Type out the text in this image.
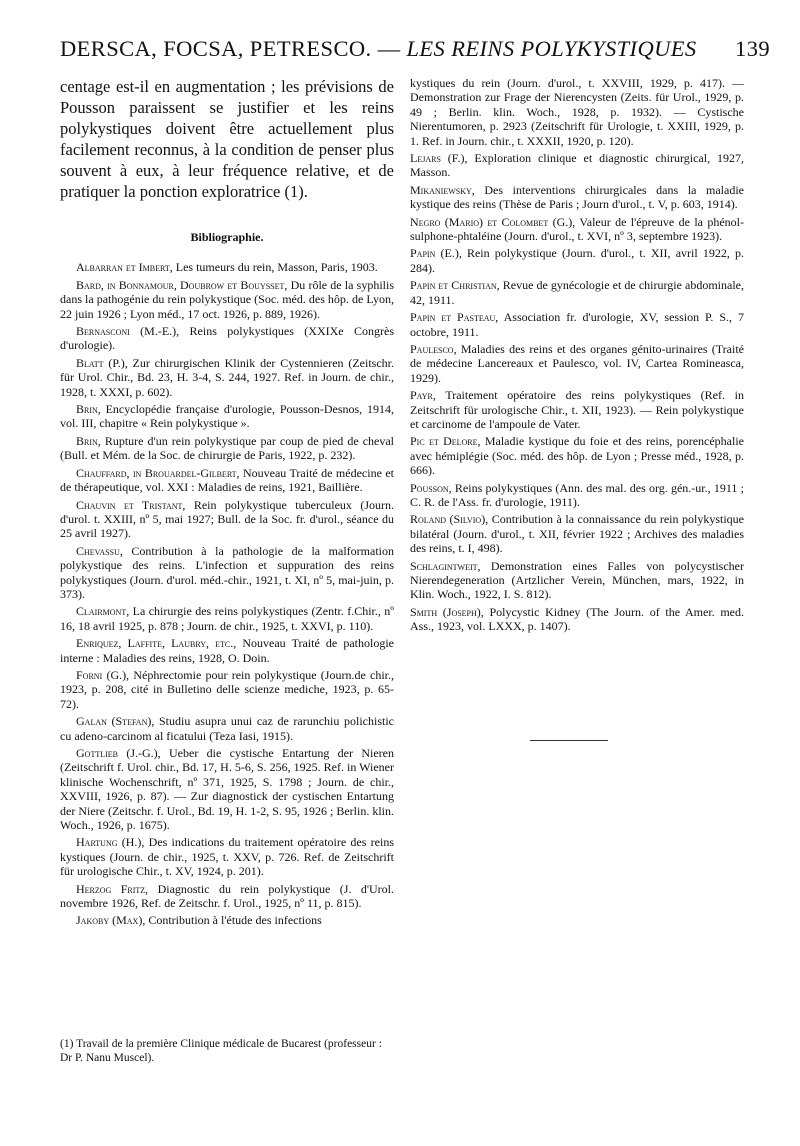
DERSCA, FOCSA, PETRESCO. — LES REINS POLYKYSTIQUES 139

centage est-il en augmentation ; les prévisions de Pousson paraissent se justifier et les reins polykystiques doivent être actuellement plus facilement reconnus, à la condition de penser plus souvent à eux, à leur fréquence relative, et de pratiquer la ponction exploratrice (1).

Bibliographie.

Albarran et Imbert, Les tumeurs du rein, Masson, Paris, 1903.

Bard, in Bonnamour, Doubrow et Bouysset, Du rôle de la syphilis dans la pathogénie du rein polykystique (Soc. méd. des hôp. de Lyon, 22 juin 1926 ; Lyon méd., 17 oct. 1926, p. 889, 1926).

Bernasconi (M.-E.), Reins polykystiques (XXIXe Congrès d'urologie).

Blatt (P.), Zur chirurgischen Klinik der Cystennieren (Zeitschr. für Urol. Chir., Bd. 23, H. 3-4, S. 244, 1927. Ref. in Journ. de chir., 1928, t. XXXI, p. 602).

Brin, Encyclopédie française d'urologie, Pousson-Desnos, 1914, vol. III, chapitre « Rein polykystique ».

Brin, Rupture d'un rein polykystique par coup de pied de cheval (Bull. et Mém. de la Soc. de chirurgie de Paris, 1922, p. 232).

Chauffard, in Brouardel-Gilbert, Nouveau Traité de médecine et de thérapeutique, vol. XXI : Maladies de reins, 1921, Baillière.

Chauvin et Tristant, Rein polykystique tuberculeux (Journ. d'urol. t. XXIII, nº 5, mai 1927; Bull. de la Soc. fr. d'urol., séance du 25 avril 1927).

Chevassu, Contribution à la pathologie de la malformation polykystique des reins. L'infection et suppuration des reins polykystiques (Journ. d'urol. méd.-chir., 1921, t. XI, nº 5, mai-juin, p. 373).

Clairmont, La chirurgie des reins polykystiques (Zentr. f.Chir., nº 16, 18 avril 1925, p. 878 ; Journ. de chir., 1925, t. XXVI, p. 110).

Enriquez, Laffite, Laubry, etc., Nouveau Traité de pathologie interne : Maladies des reins, 1928, O. Doin.

Forni (G.), Néphrectomie pour rein polykystique (Journ.de chir., 1923, p. 208, cité in Bulletino delle scienze mediche, 1923, p. 65-72).

Galan (Stefan), Studiu asupra unui caz de rarunchiu polichistic cu adeno-carcinom al ficatului (Teza Iasi, 1915).

Gottlieb (J.-G.), Ueber die cystische Entartung der Nieren (Zeitschrift f. Urol. chir., Bd. 17, H. 5-6, S. 256, 1925. Ref. in Wiener klinische Wochenschrift, nº 371, 1925, S. 1798 ; Journ. de chir., XXVIII, 1926, p. 87). — Zur diagnostick der cystischen Entartung der Niere (Zeitschr. f. Urol., Bd. 19, H. 1-2, S. 95, 1926 ; Berlin. klin. Woch., 1926, p. 1675).

Hartung (H.), Des indications du traitement opératoire des reins kystiques (Journ. de chir., 1925, t. XXV, p. 726. Ref. de Zeitschrift für urologische Chir., t. XV, 1924, p. 201).

Herzog Fritz, Diagnostic du rein polykystique (J. d'Urol. novembre 1926, Ref. de Zeitschr. f. Urol., 1925, nº 11, p. 815).

Jakoby (Max), Contribution à l'étude des infections

kystiques du rein (Journ. d'urol., t. XXVIII, 1929, p. 417). — Demonstration zur Frage der Nierencysten (Zeits. für Urol., 1929, p. 49 ; Berlin. klin. Woch., 1928, p. 1932). — Cystische Nierentumoren, p. 2923 (Zeitschrift für Urologie, t. XXIII, 1929, p. 1. Ref. in Journ. chir., t. XXXII, 1920, p. 120).

Lejars (F.), Exploration clinique et diagnostic chirurgical, 1927, Masson.

Mikaniewsky, Des interventions chirurgicales dans la maladie kystique des reins (Thèse de Paris ; Journ d'urol., t. V, p. 603, 1914).

Negro (Mario) et Colombet (G.), Valeur de l'épreuve de la phénol-sulphone-phtaléine (Journ. d'urol., t. XVI, nº 3, septembre 1923).

Papin (E.), Rein polykystique (Journ. d'urol., t. XII, avril 1922, p. 284).

Papin et Christian, Revue de gynécologie et de chirurgie abdominale, 42, 1911.

Papin et Pasteau, Association fr. d'urologie, XV, session P. S., 7 octobre, 1911.

Paulesco, Maladies des reins et des organes génito-urinaires (Traité de médecine Lancereaux et Paulesco, vol. IV, Cartea Romineasca, 1929).

Payr, Traitement opératoire des reins polykystiques (Ref. in Zeitschrift für urologische Chir., t. XII, 1923). — Rein polykystique et carcinome de l'ampoule de Vater.

Pic et Delore, Maladie kystique du foie et des reins, porencéphalie avec hémiplégie (Soc. méd. des hôp. de Lyon ; Presse méd., 1928, p. 666).

Pousson, Reins polykystiques (Ann. des mal. des org. gén.-ur., 1911 ; C. R. de l'Ass. fr. d'urologie, 1911).

Roland (Silvio), Contribution à la connaissance du rein polykystique bilatéral (Journ. d'urol., t. XII, février 1922 ; Archives des maladies des reins, t. I, 498).

Schlagintweit, Demonstration eines Falles von polycystischer Nierendegeneration (Artzlicher Verein, München, mars, 1922, in Klin. Woch., 1922, I. S. 812).

Smith (Joseph), Polycystic Kidney (The Journ. of the Amer. med. Ass., 1923, vol. LXXX, p. 1407).

(1) Travail de la première Clinique médicale de Bucarest (professeur : Dr P. Nanu Muscel).
